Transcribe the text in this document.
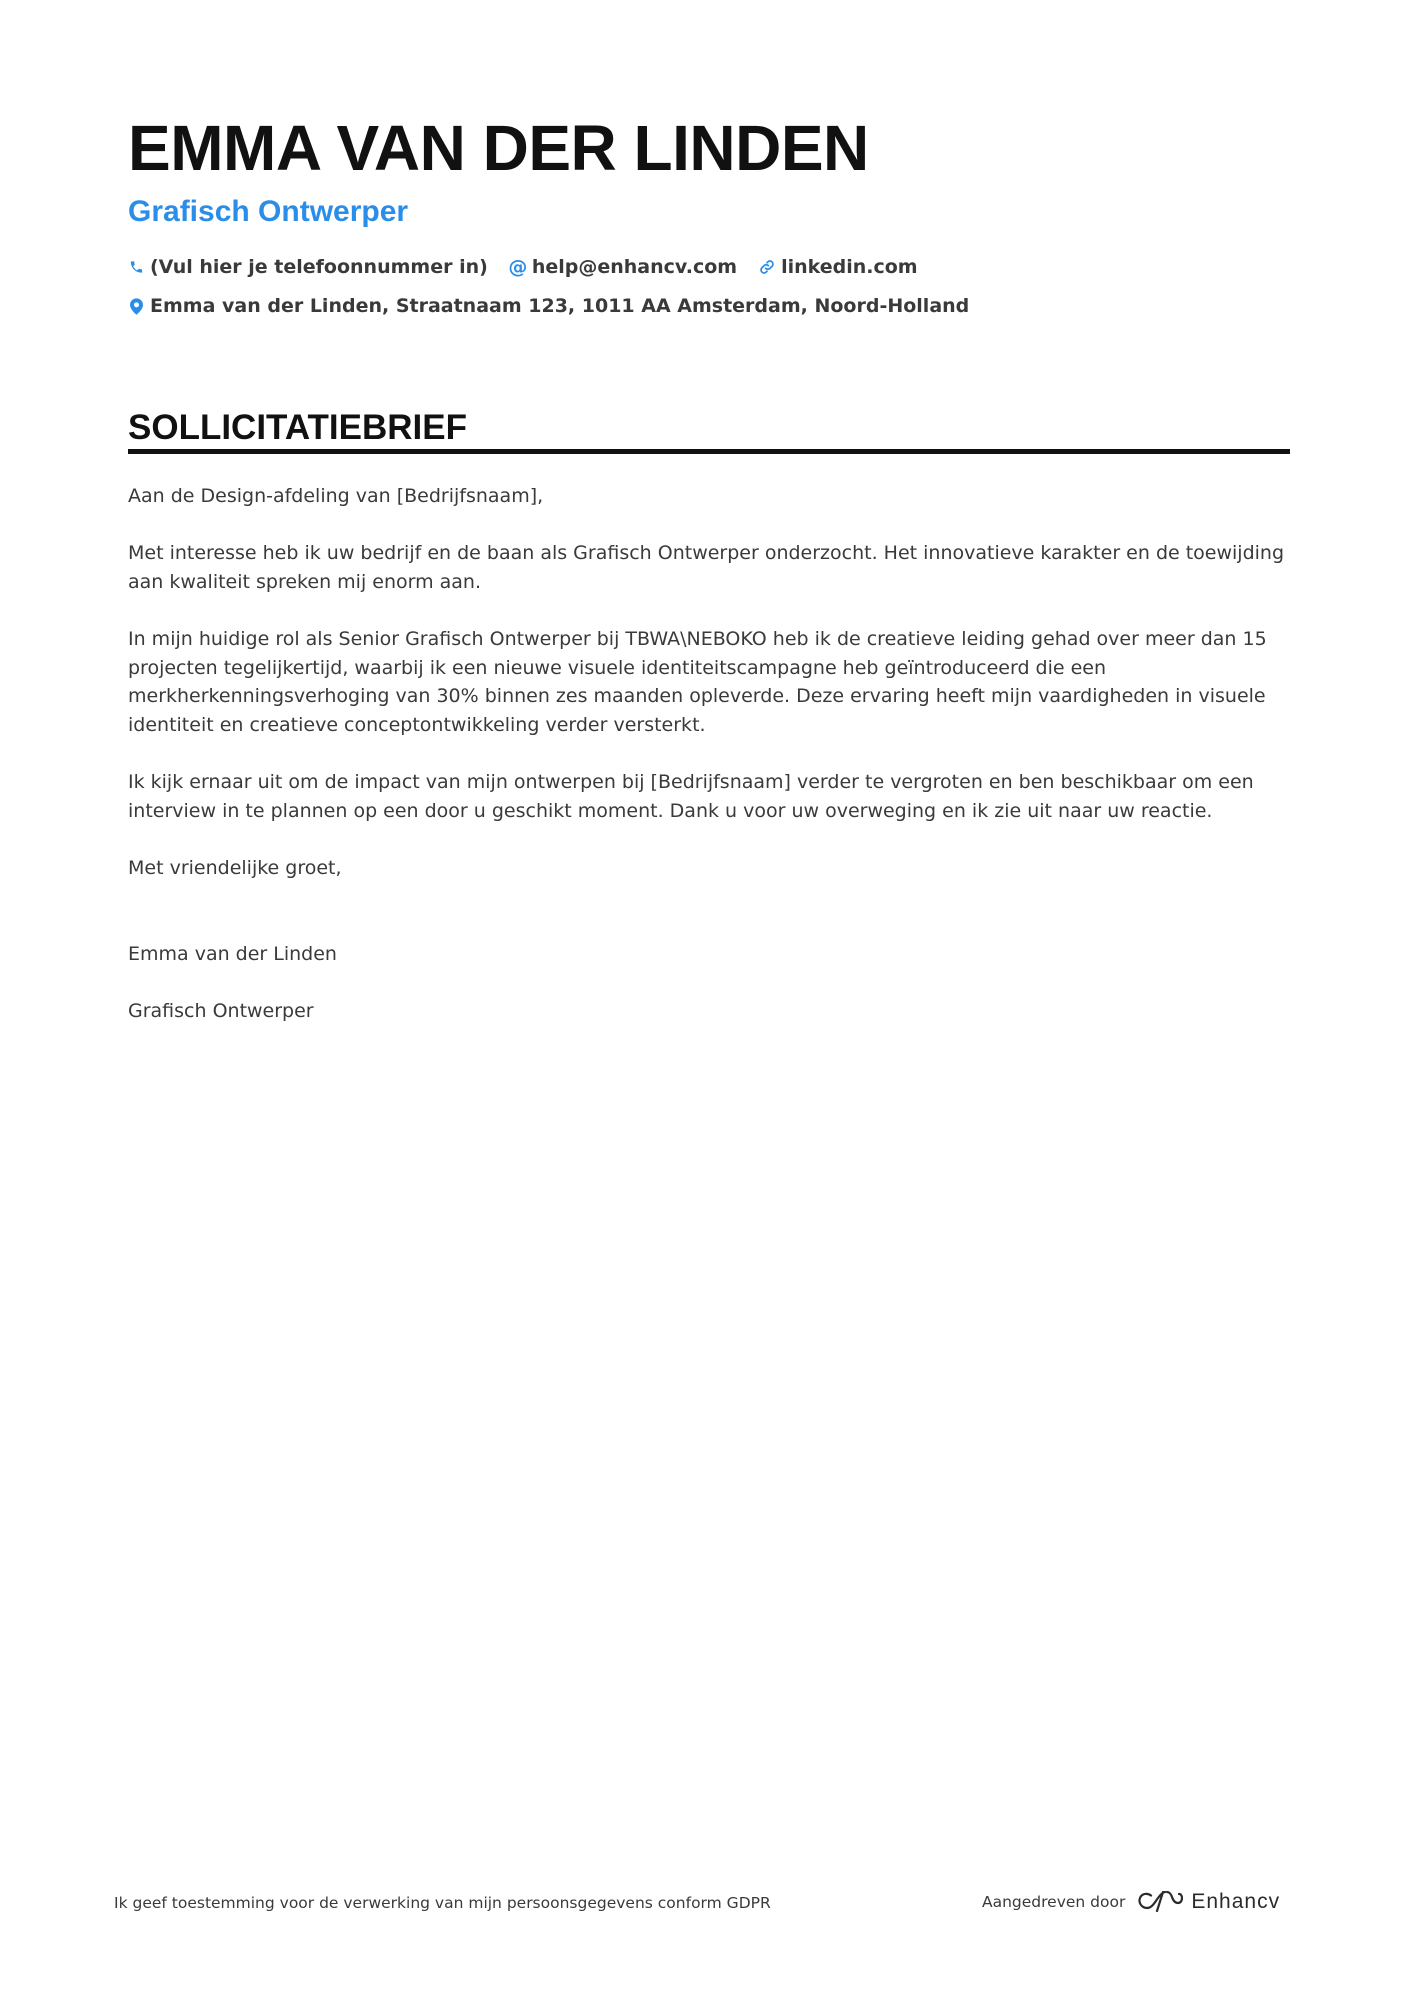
EMMA VAN DER LINDEN
Grafisch Ontwerper
(Vul hier je telefoonnummer in) @ help@enhancv.com linkedin.com
Emma van der Linden, Straatnaam 123, 1011 AA Amsterdam, Noord-Holland
SOLLICITATIEBRIEF

Aan de Design-afdeling van [Bedrijfsnaam],

Met interesse heb ik uw bedrijf en de baan als Grafisch Ontwerper onderzocht. Het innovatieve karakter en de toewijding aan kwaliteit spreken mij enorm aan.

In mijn huidige rol als Senior Grafisch Ontwerper bij TBWA\NEBOKO heb ik de creatieve leiding gehad over meer dan 15 projecten tegelijkertijd, waarbij ik een nieuwe visuele identiteitscampagne heb geïntroduceerd die een merkherkenningsverhoging van 30% binnen zes maanden opleverde. Deze ervaring heeft mijn vaardigheden in visuele identiteit en creatieve conceptontwikkeling verder versterkt.

Ik kijk ernaar uit om de impact van mijn ontwerpen bij [Bedrijfsnaam] verder te vergroten en ben beschikbaar om een interview in te plannen op een door u geschikt moment. Dank u voor uw overweging en ik zie uit naar uw reactie.

Met vriendelijke groet,

Emma van der Linden

Grafisch Ontwerper

Ik geef toestemming voor de verwerking van mijn persoonsgegevens conform GDPR	Aangedreven door	Enhancv
